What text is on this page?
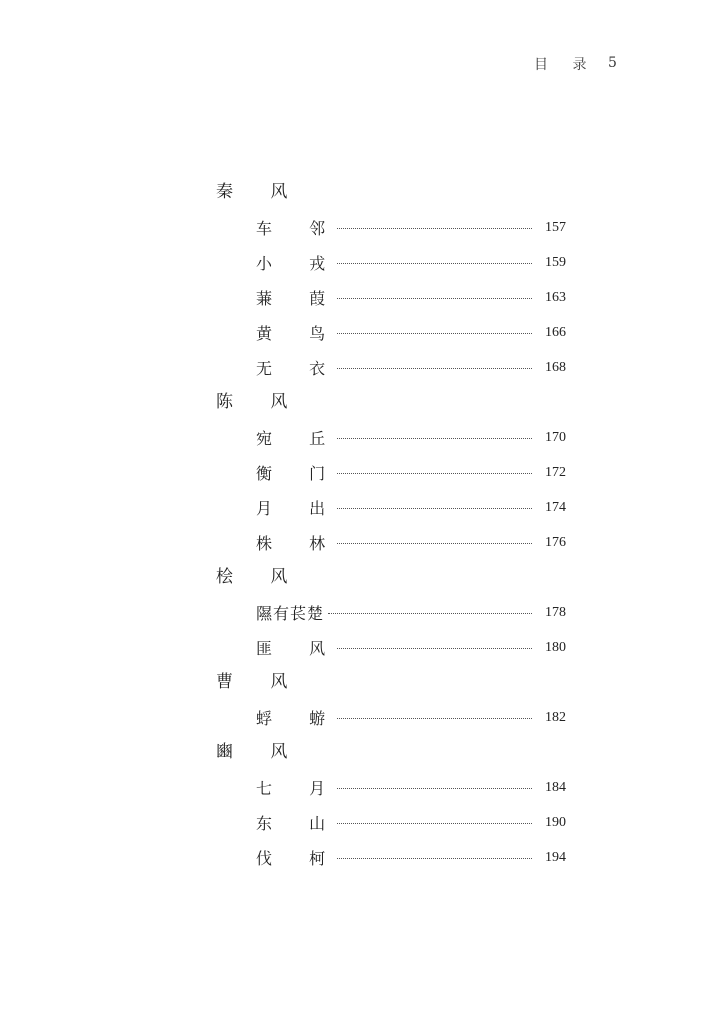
目 录 5
秦 风
车 邻	157
小 戎	159
蒹 葭	163
黄 鸟	166
无 衣	168
陈 风
宛 丘	170
衡 门	172
月 出	174
株 林	176
桧 风
隰有苌楚	178
匪 风	180
曹 风
蜉 蝣	182
豳 风
七 月	184
东 山	190
伐 柯	194
